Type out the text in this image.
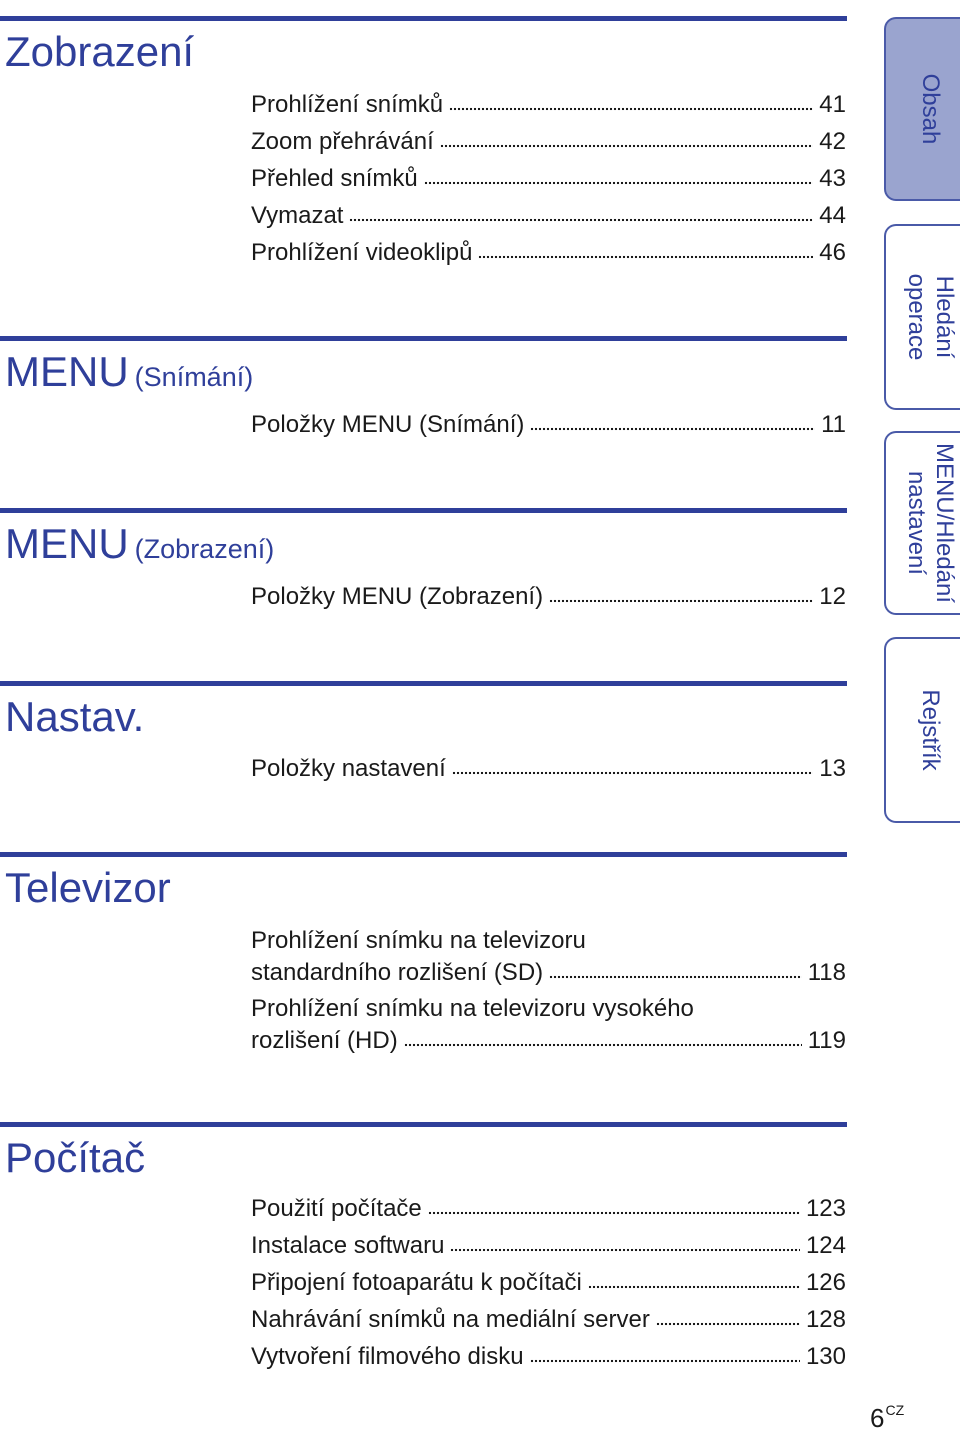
Zobrazení
Prohlížení snímků	41
Zoom přehrávání	42
Přehled snímků	43
Vymazat	44
Prohlížení videoklipů	46
MENU (Snímání)
Položky MENU (Snímání)	11
MENU (Zobrazení)
Položky MENU (Zobrazení)	12
Nastav.
Položky nastavení	13
Televizor
Prohlížení snímku na televizoru
standardního rozlišení (SD)	118
Prohlížení snímku na televizoru vysokého
rozlišení (HD)	119
Počítač
Použití počítače	123
Instalace softwaru	124
Připojení fotoaparátu k počítači	126
Nahrávání snímků na mediální server	128
Vytvoření filmového disku	130
Obsah
Hledání
operace
MENU/Hledání
nastavení
Rejstřík
$6^{CZ}$
